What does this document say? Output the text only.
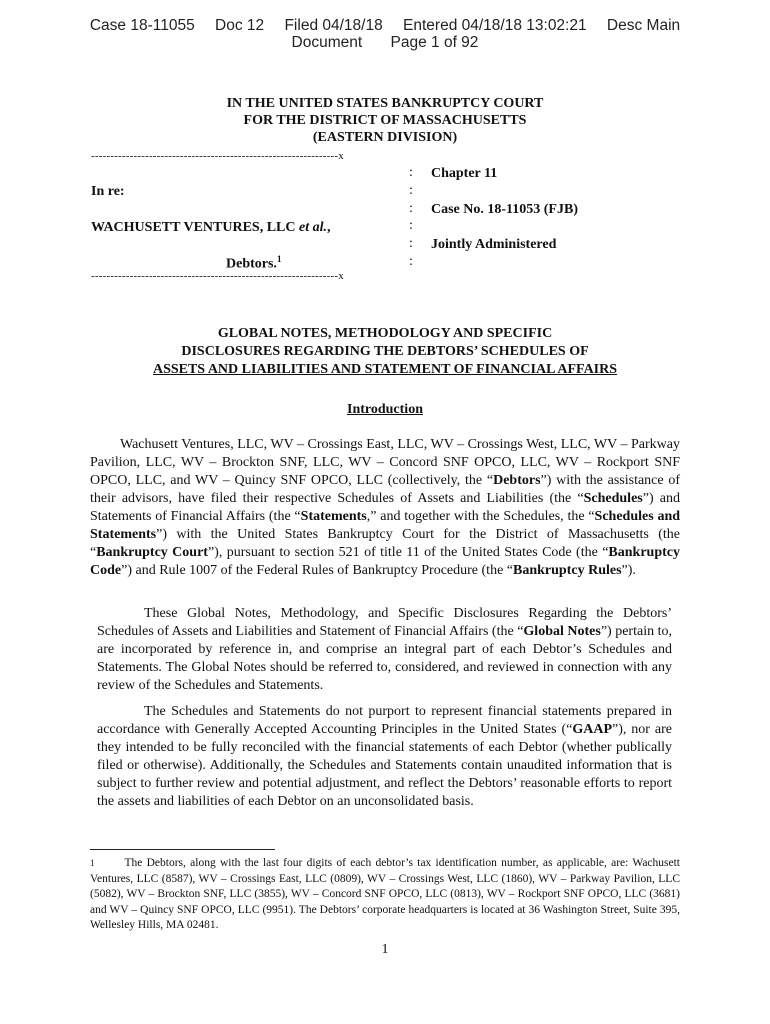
Case 18-11055 Doc 12 Filed 04/18/18 Entered 04/18/18 13:02:21 Desc Main
Document Page 1 of 92
IN THE UNITED STATES BANKRUPTCY COURT
FOR THE DISTRICT OF MASSACHUSETTS
(EASTERN DIVISION)
----------------------------------------------------------------x
:
:
:
:
:
:
In re:
WACHUSETT VENTURES, LLC et al.,
Debtors.$^1$
Chapter 11
Case No. 18-11053 (FJB)
Jointly Administered
----------------------------------------------------------------x
GLOBAL NOTES, METHODOLOGY AND SPECIFIC
DISCLOSURES REGARDING THE DEBTORS’ SCHEDULES OF
ASSETS AND LIABILITIES AND STATEMENT OF FINANCIAL AFFAIRS
Introduction
Wachusett Ventures, LLC, WV – Crossings East, LLC, WV – Crossings West, LLC, WV – Parkway Pavilion, LLC, WV – Brockton SNF, LLC, WV – Concord SNF OPCO, LLC, WV – Rockport SNF OPCO, LLC, and WV – Quincy SNF OPCO, LLC (collectively, the “Debtors”) with the assistance of their advisors, have filed their respective Schedules of Assets and Liabilities (the “Schedules”) and Statements of Financial Affairs (the “Statements,” and together with the Schedules, the “Schedules and Statements”) with the United States Bankruptcy Court for the District of Massachusetts (the “Bankruptcy Court”), pursuant to section 521 of title 11 of the United States Code (the “Bankruptcy Code”) and Rule 1007 of the Federal Rules of Bankruptcy Procedure (the “Bankruptcy Rules”).
These Global Notes, Methodology, and Specific Disclosures Regarding the Debtors’ Schedules of Assets and Liabilities and Statement of Financial Affairs (the “Global Notes”) pertain to, are incorporated by reference in, and comprise an integral part of each Debtor’s Schedules and Statements. The Global Notes should be referred to, considered, and reviewed in connection with any review of the Schedules and Statements.
The Schedules and Statements do not purport to represent financial statements prepared in accordance with Generally Accepted Accounting Principles in the United States (“GAAP”), nor are they intended to be fully reconciled with the financial statements of each Debtor (whether publically filed or otherwise). Additionally, the Schedules and Statements contain unaudited information that is subject to further review and potential adjustment, and reflect the Debtors’ reasonable efforts to report the assets and liabilities of each Debtor on an unconsolidated basis.
$^1$	The Debtors, along with the last four digits of each debtor’s tax identification number, as applicable, are: Wachusett Ventures, LLC (8587), WV – Crossings East, LLC (0809), WV – Crossings West, LLC (1860), WV – Parkway Pavilion, LLC (5082), WV – Brockton SNF, LLC (3855), WV – Concord SNF OPCO, LLC (0813), WV – Rockport SNF OPCO, LLC (3681) and WV – Quincy SNF OPCO, LLC (9951). The Debtors’ corporate headquarters is located at 36 Washington Street, Suite 395, Wellesley Hills, MA 02481.
1
